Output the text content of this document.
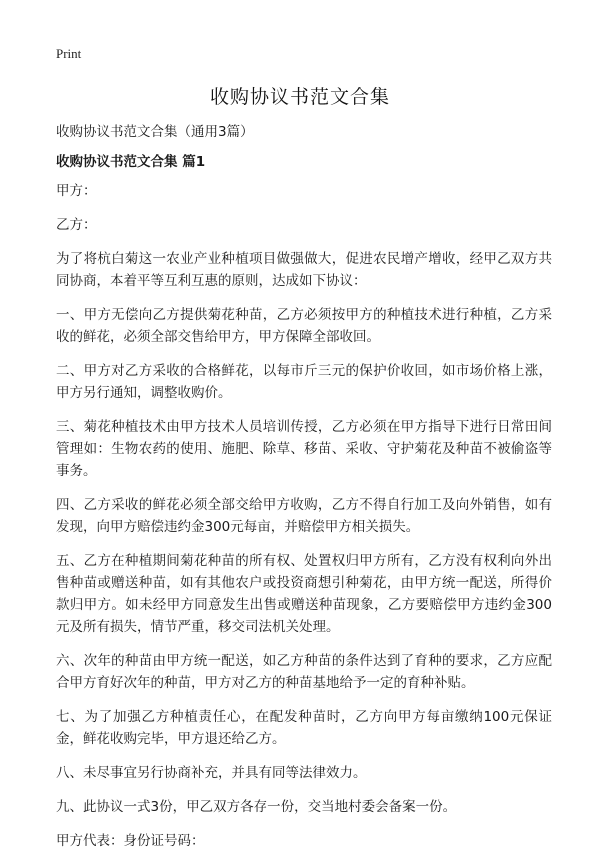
Print
收购协议书范文合集

收购协议书范文合集（通用3篇）

收购协议书范文合集 篇1

甲方：

乙方：

为了将杭白菊这一农业产业种植项目做强做大，促进农民增产增收，经甲乙双方共同协商，本着平等互利互惠的原则，达成如下协议：

一、甲方无偿向乙方提供菊花种苗，乙方必须按甲方的种植技术进行种植，乙方采收的鲜花，必须全部交售给甲方，甲方保障全部收回。

二、甲方对乙方采收的合格鲜花，以每市斤三元的保护价收回，如市场价格上涨，甲方另行通知，调整收购价。

三、菊花种植技术由甲方技术人员培训传授，乙方必须在甲方指导下进行日常田间管理如：生物农药的使用、施肥、除草、移苗、采收、守护菊花及种苗不被偷盗等事务。

四、乙方采收的鲜花必须全部交给甲方收购，乙方不得自行加工及向外销售，如有发现，向甲方赔偿违约金300元每亩，并赔偿甲方相关损失。

五、乙方在种植期间菊花种苗的所有权、处置权归甲方所有，乙方没有权利向外出售种苗或赠送种苗，如有其他农户或投资商想引种菊花，由甲方统一配送，所得价款归甲方。如未经甲方同意发生出售或赠送种苗现象，乙方要赔偿甲方违约金300元及所有损失，情节严重，移交司法机关处理。

六、次年的种苗由甲方统一配送，如乙方种苗的条件达到了育种的要求，乙方应配合甲方育好次年的种苗，甲方对乙方的种苗基地给予一定的育种补贴。

七、为了加强乙方种植责任心，在配发种苗时，乙方向甲方每亩缴纳100元保证金，鲜花收购完毕，甲方退还给乙方。

八、未尽事宜另行协商补充，并具有同等法律效力。

九、此协议一式3份，甲乙双方各存一份，交当地村委会备案一份。

甲方代表：身份证号码：
